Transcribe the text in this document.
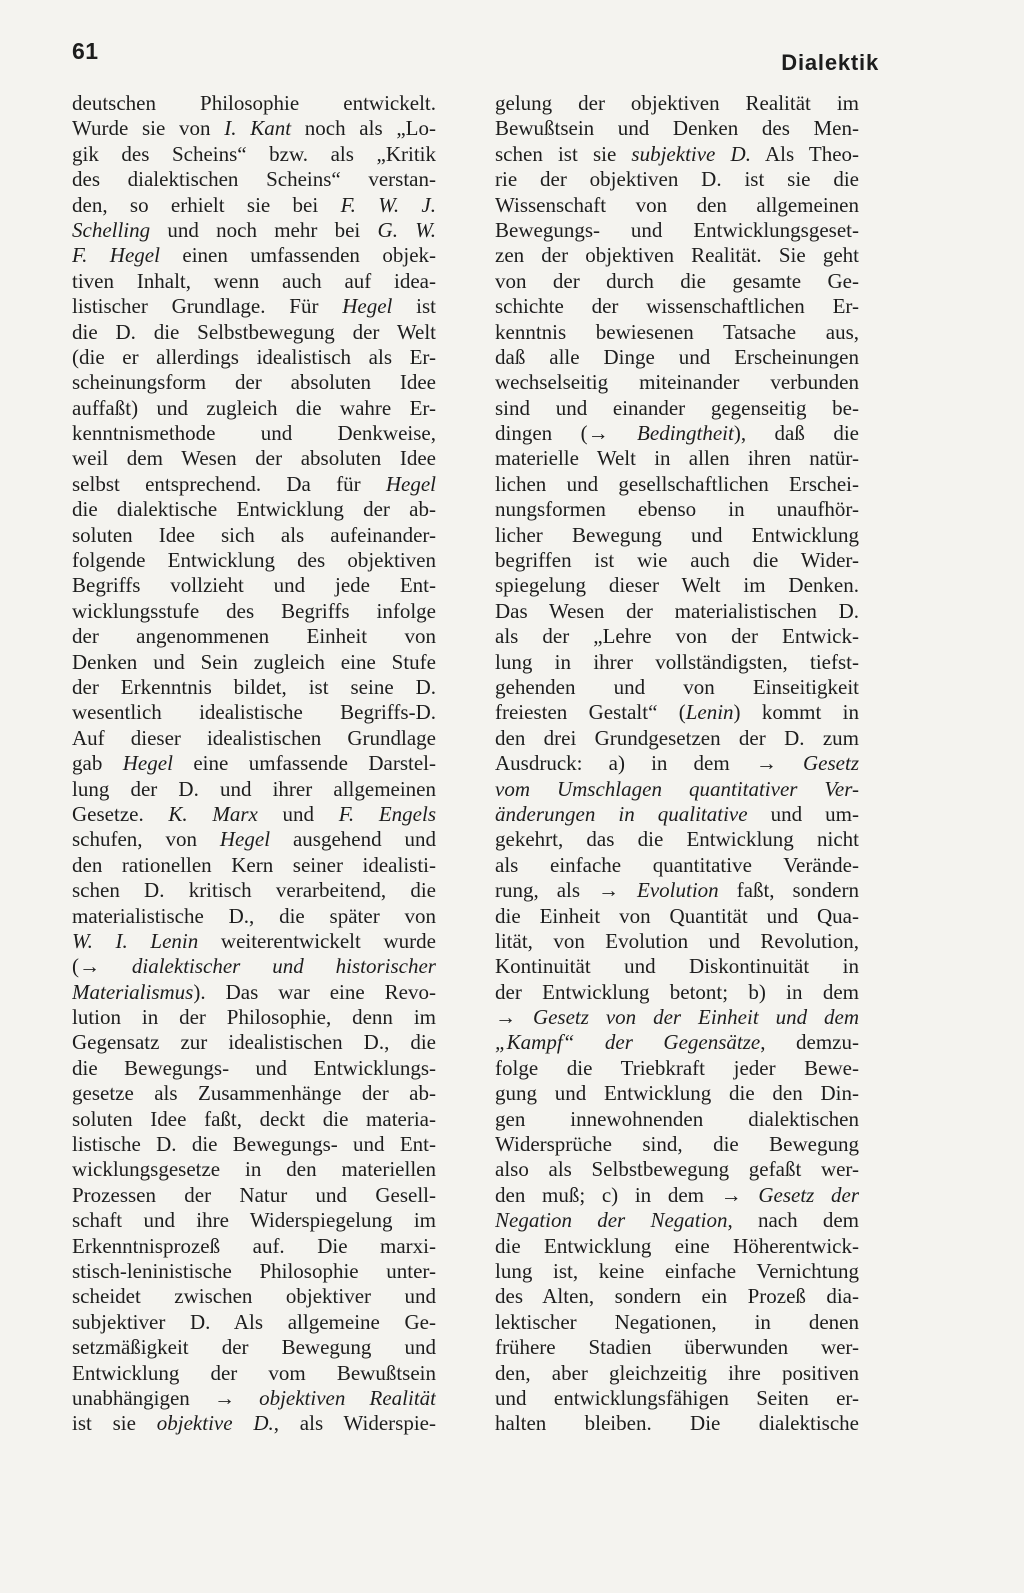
61	Dialektik
deutschen Philosophie entwickelt.
Wurde sie von I. Kant noch als „Lo-
gik des Scheins“ bzw. als „Kritik
des dialektischen Scheins“ verstan-
den, so erhielt sie bei F. W. J.
Schelling und noch mehr bei G. W.
F. Hegel einen umfassenden objek-
tiven Inhalt, wenn auch auf idea-
listischer Grundlage. Für Hegel ist
die D. die Selbstbewegung der Welt
(die er allerdings idealistisch als Er-
scheinungsform der absoluten Idee
auffaßt) und zugleich die wahre Er-
kenntnismethode und Denkweise,
weil dem Wesen der absoluten Idee
selbst entsprechend. Da für Hegel
die dialektische Entwicklung der ab-
soluten Idee sich als aufeinander-
folgende Entwicklung des objektiven
Begriffs vollzieht und jede Ent-
wicklungsstufe des Begriffs infolge
der angenommenen Einheit von
Denken und Sein zugleich eine Stufe
der Erkenntnis bildet, ist seine D.
wesentlich idealistische Begriffs-D.
Auf dieser idealistischen Grundlage
gab Hegel eine umfassende Darstel-
lung der D. und ihrer allgemeinen
Gesetze. K. Marx und F. Engels
schufen, von Hegel ausgehend und
den rationellen Kern seiner idealisti-
schen D. kritisch verarbeitend, die
materialistische D., die später von
W. I. Lenin weiterentwickelt wurde
(→ dialektischer und historischer
Materialismus). Das war eine Revo-
lution in der Philosophie, denn im
Gegensatz zur idealistischen D., die
die Bewegungs- und Entwicklungs-
gesetze als Zusammenhänge der ab-
soluten Idee faßt, deckt die materia-
listische D. die Bewegungs- und Ent-
wicklungsgesetze in den materiellen
Prozessen der Natur und Gesell-
schaft und ihre Widerspiegelung im
Erkenntnisprozeß auf. Die marxi-
stisch-leninistische Philosophie unter-
scheidet zwischen objektiver und
subjektiver D. Als allgemeine Ge-
setzmäßigkeit der Bewegung und
Entwicklung der vom Bewußtsein
unabhängigen → objektiven Realität
ist sie objektive D., als Widerspie-
gelung der objektiven Realität im
Bewußtsein und Denken des Men-
schen ist sie subjektive D. Als Theo-
rie der objektiven D. ist sie die
Wissenschaft von den allgemeinen
Bewegungs- und Entwicklungsgeset-
zen der objektiven Realität. Sie geht
von der durch die gesamte Ge-
schichte der wissenschaftlichen Er-
kenntnis bewiesenen Tatsache aus,
daß alle Dinge und Erscheinungen
wechselseitig miteinander verbunden
sind und einander gegenseitig be-
dingen (→ Bedingtheit), daß die
materielle Welt in allen ihren natür-
lichen und gesellschaftlichen Erschei-
nungsformen ebenso in unaufhör-
licher Bewegung und Entwicklung
begriffen ist wie auch die Wider-
spiegelung dieser Welt im Denken.
Das Wesen der materialistischen D.
als der „Lehre von der Entwick-
lung in ihrer vollständigsten, tiefst-
gehenden und von Einseitigkeit
freiesten Gestalt“ (Lenin) kommt in
den drei Grundgesetzen der D. zum
Ausdruck: a) in dem → Gesetz
vom Umschlagen quantitativer Ver-
änderungen in qualitative und um-
gekehrt, das die Entwicklung nicht
als einfache quantitative Verände-
rung, als → Evolution faßt, sondern
die Einheit von Quantität und Qua-
lität, von Evolution und Revolution,
Kontinuität und Diskontinuität in
der Entwicklung betont; b) in dem
→ Gesetz von der Einheit und dem
„Kampf“ der Gegensätze, demzu-
folge die Triebkraft jeder Bewe-
gung und Entwicklung die den Din-
gen innewohnenden dialektischen
Widersprüche sind, die Bewegung
also als Selbstbewegung gefaßt wer-
den muß; c) in dem → Gesetz der
Negation der Negation, nach dem
die Entwicklung eine Höherentwick-
lung ist, keine einfache Vernichtung
des Alten, sondern ein Prozeß dia-
lektischer Negationen, in denen
frühere Stadien überwunden wer-
den, aber gleichzeitig ihre positiven
und entwicklungsfähigen Seiten er-
halten bleiben. Die dialektische
